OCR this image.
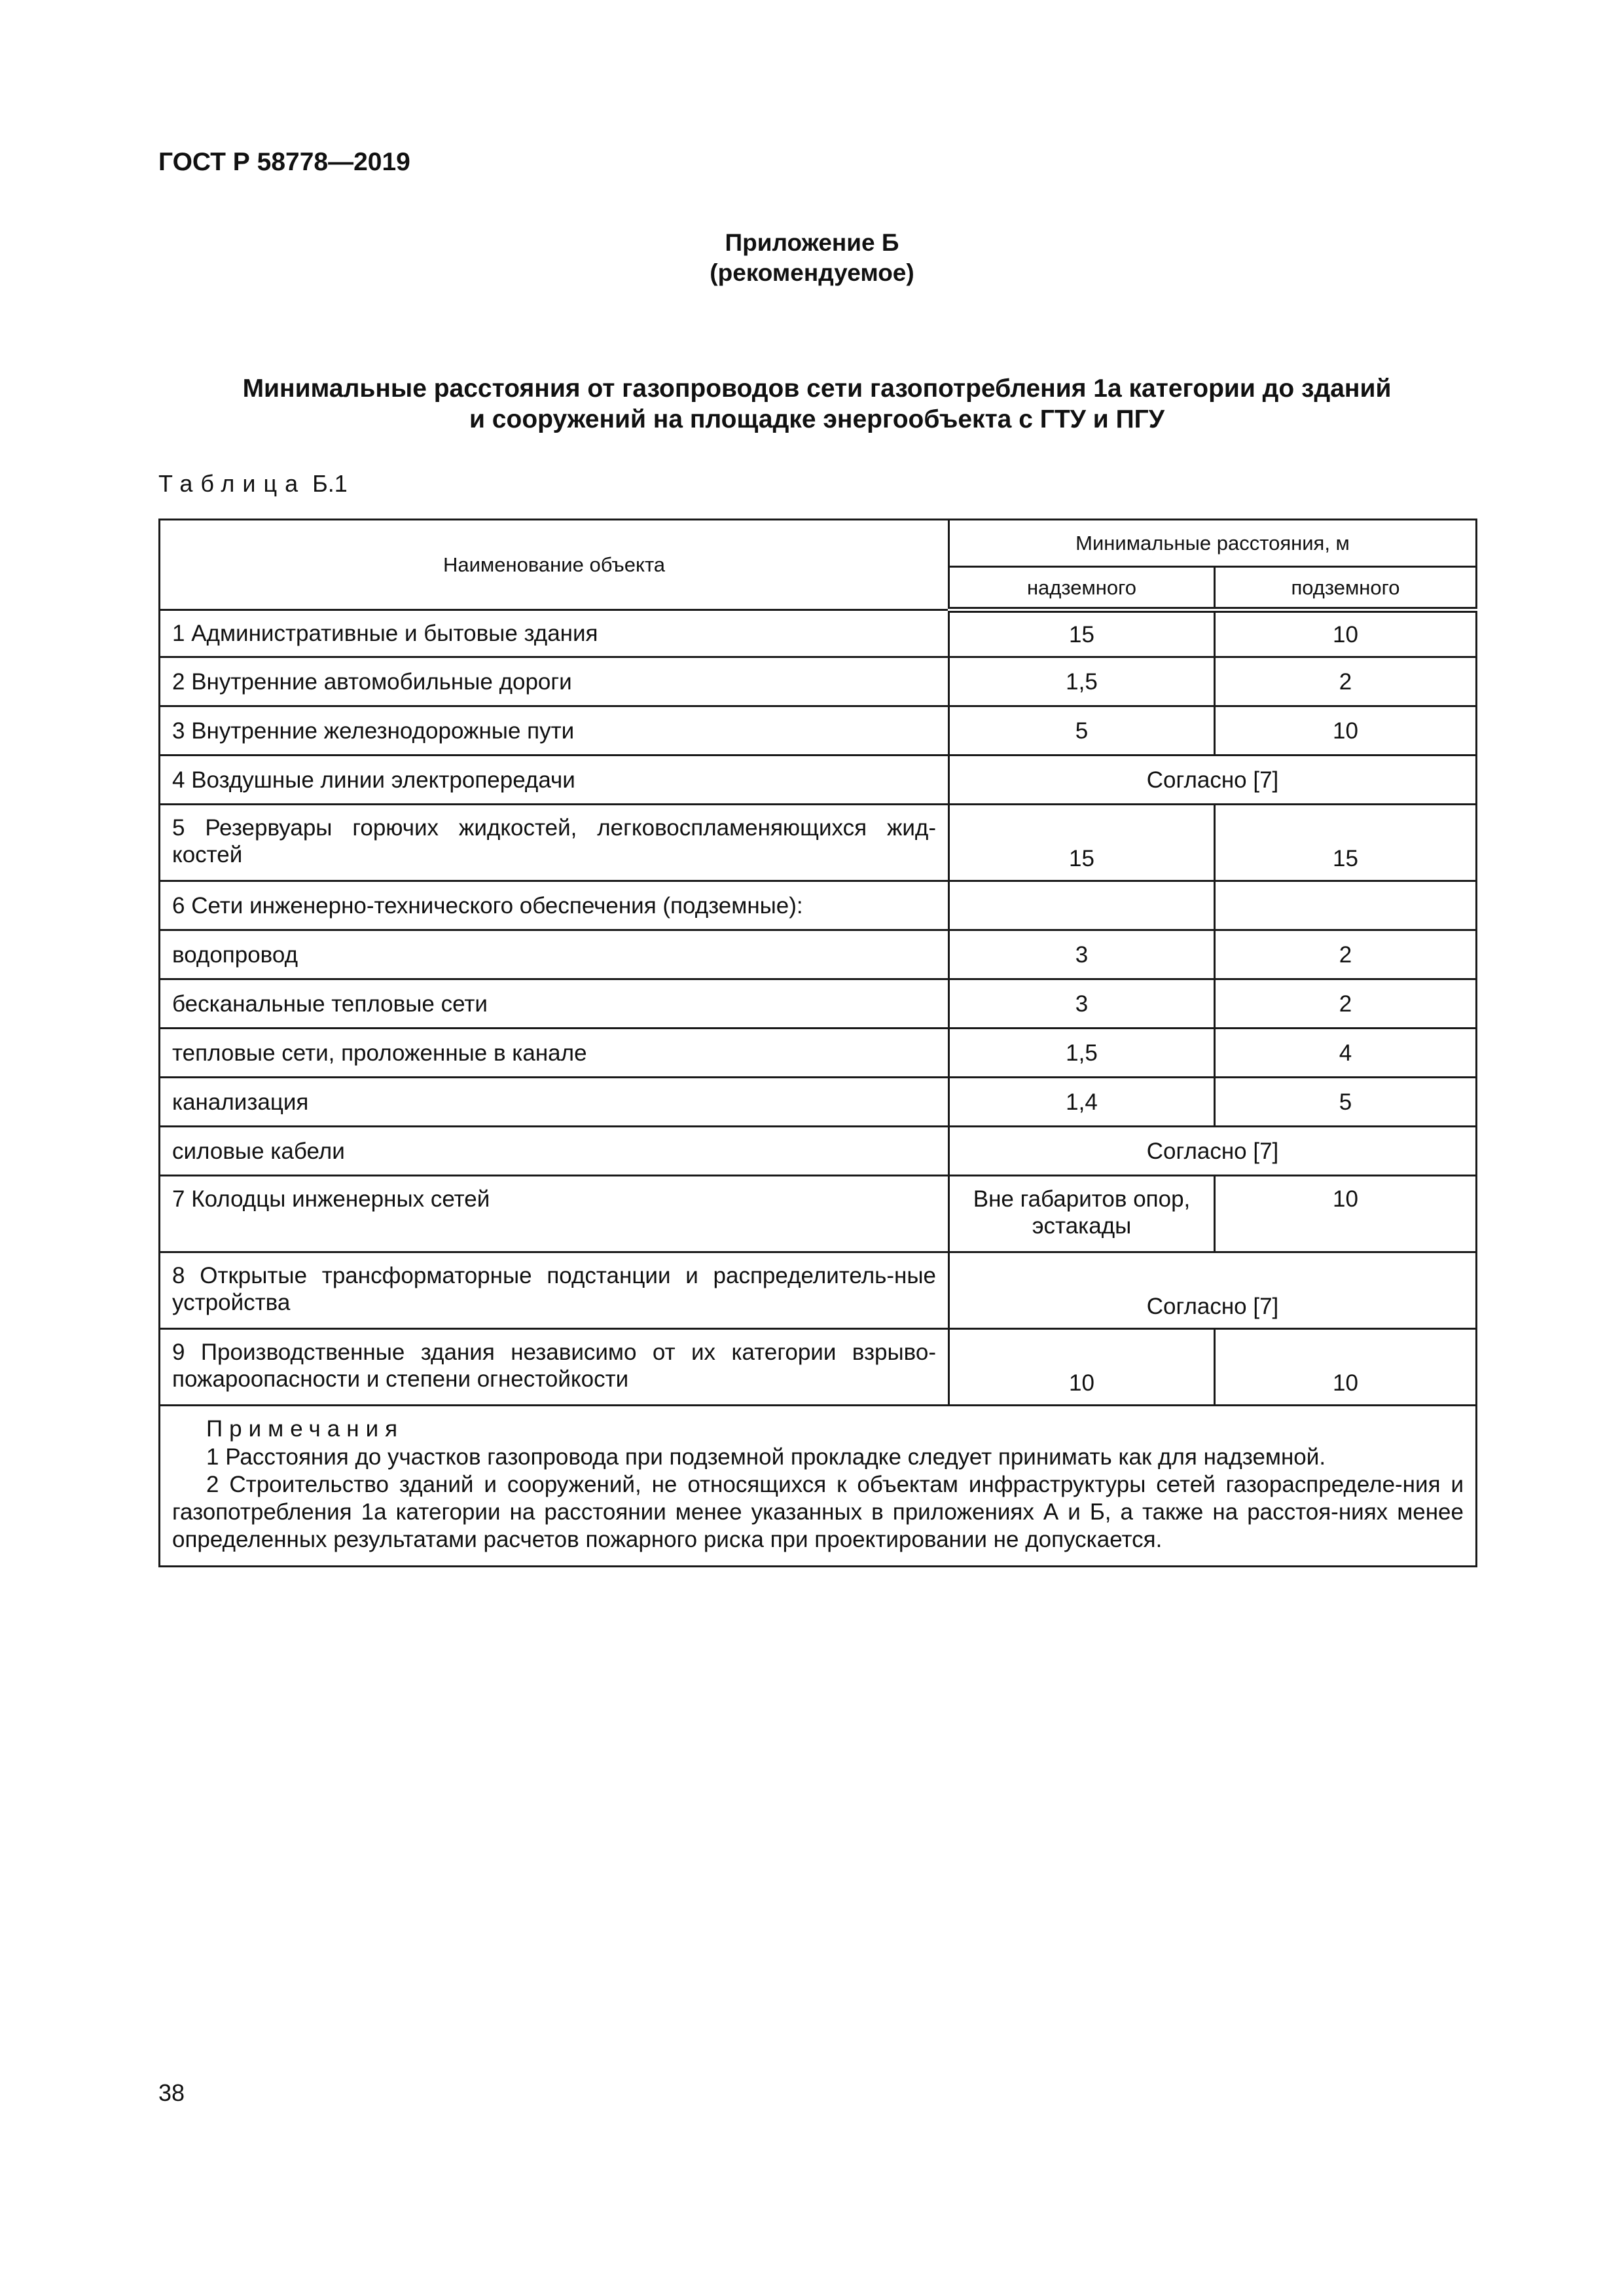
ГОСТ Р 58778—2019

Приложение Б
(рекомендуемое)
Минимальные расстояния от газопроводов сети газопотребления 1а категории до зданий
и сооружений на площадке энергообъекта с ГТУ и ПГУ

Таблица Б.1

Наименование объекта	Минимальные расстояния, м	
	надземного	подземного
1 Административные и бытовые здания	15	10
2 Внутренние автомобильные дороги	1,5	2
3 Внутренние железнодорожные пути	5	10
4 Воздушные линии электропередачи	Согласно [7]	
5 Резервуары горючих жидкостей, легковоспламеняющихся жид-костей	15	15
6 Сети инженерно-технического обеспечения (подземные):		
водопровод	3	2
бесканальные тепловые сети	3	2
тепловые сети, проложенные в канале	1,5	4
канализация	1,4	5
силовые кабели	Согласно [7]	
7 Колодцы инженерных сетей	Вне габаритов опор, эстакады	10
8 Открытые трансформаторные подстанции и распределитель-ные устройства	Согласно [7]	
9 Производственные здания независимо от их категории взрыво-пожароопасности и степени огнестойкости	10	10

Примечания

1 Расстояния до участков газопровода при подземной прокладке следует принимать как для надземной.

2 Строительство зданий и сооружений, не относящихся к объектам инфраструктуры сетей газораспределе-ния и газопотребления 1а категории на расстоянии менее указанных в приложениях А и Б, а также на расстоя-ниях менее определенных результатами расчетов пожарного риска при проектировании не допускается.		

38
